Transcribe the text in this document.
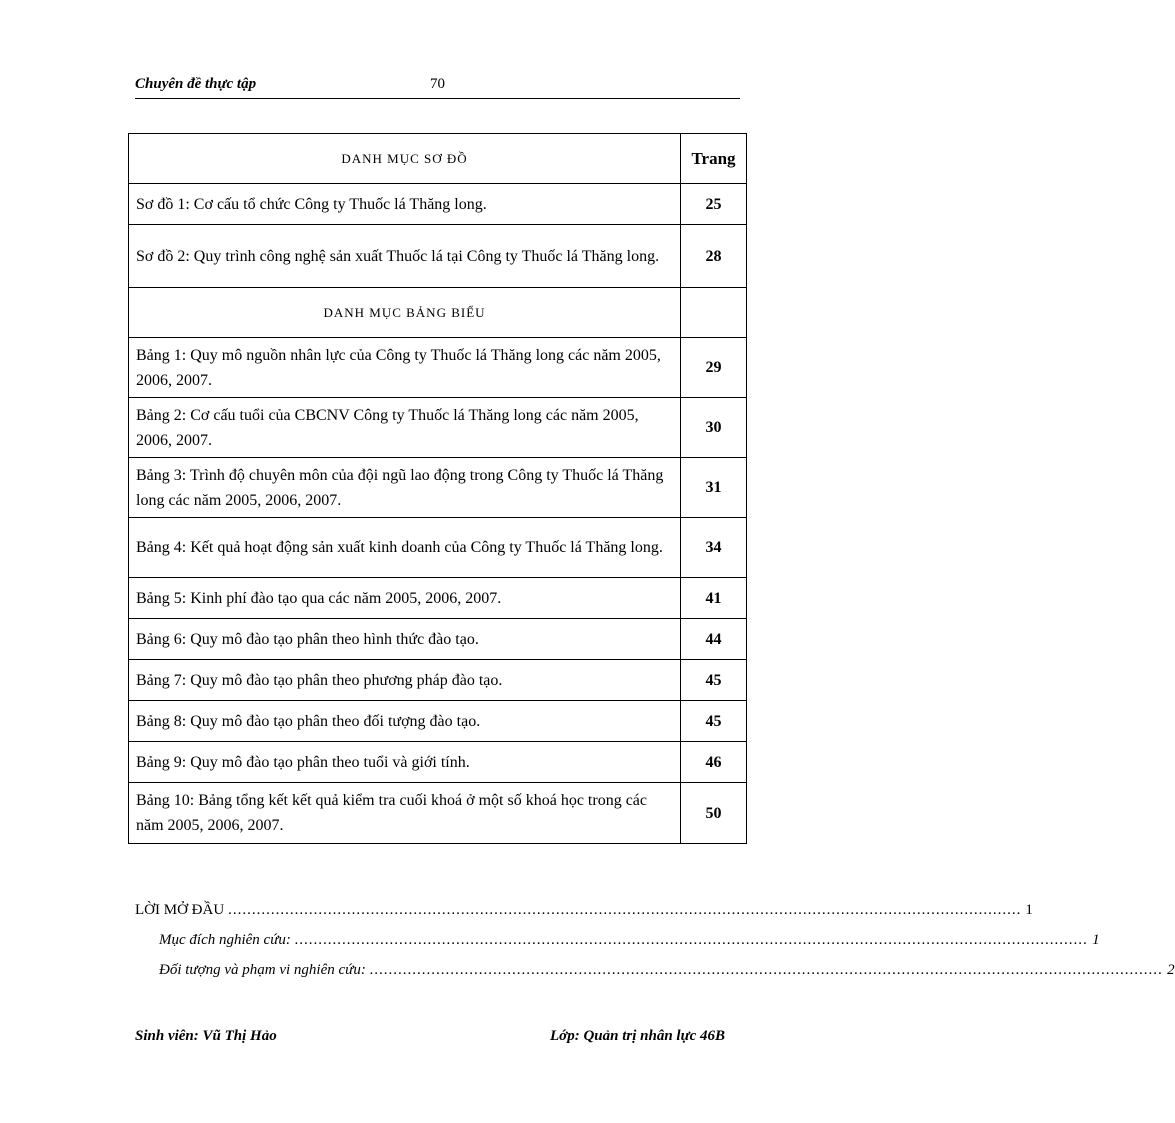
Chuyên đề thực tập	70
DANH MỤC SƠ ĐỒ	Trang
Sơ đồ 1: Cơ cấu tổ chức Công ty Thuốc lá Thăng long.	25
Sơ đồ 2: Quy trình công nghệ sản xuất Thuốc lá tại Công ty Thuốc lá Thăng long.	28
DANH MỤC BẢNG BIỂU	
Bảng 1: Quy mô nguồn nhân lực của Công ty Thuốc lá Thăng long các năm 2005, 2006, 2007.	29
Bảng 2: Cơ cấu tuổi của CBCNV Công ty Thuốc lá Thăng long các năm 2005, 2006, 2007.	30
Bảng 3: Trình độ chuyên môn của đội ngũ lao động trong Công ty Thuốc lá Thăng long các năm 2005, 2006, 2007.	31
Bảng 4: Kết quả hoạt động sản xuất kinh doanh của Công ty Thuốc lá Thăng long.	34
Bảng 5: Kinh phí đào tạo qua các năm 2005, 2006, 2007.	41
Bảng 6: Quy mô đào tạo phân theo hình thức đào tạo.	44
Bảng 7: Quy mô đào tạo phân theo phương pháp đào tạo.	45
Bảng 8: Quy mô đào tạo phân theo đối tượng đào tạo.	45
Bảng 9: Quy mô đào tạo phân theo tuổi và giới tính.	46
Bảng 10: Bảng tổng kết kết quả kiểm tra cuối khoá ở một số khoá học trong các năm 2005, 2006, 2007.	50
LỜI MỞ ĐẦU ....................................................................................................................................................................... 1
Mục đích nghiên cứu: ....................................................................................................................................................................... 1
Đối tượng và phạm vi nghiên cứu: ....................................................................................................................................................................... 2
Sinh viên: Vũ Thị Hảo	Lớp: Quản trị nhân lực 46B
